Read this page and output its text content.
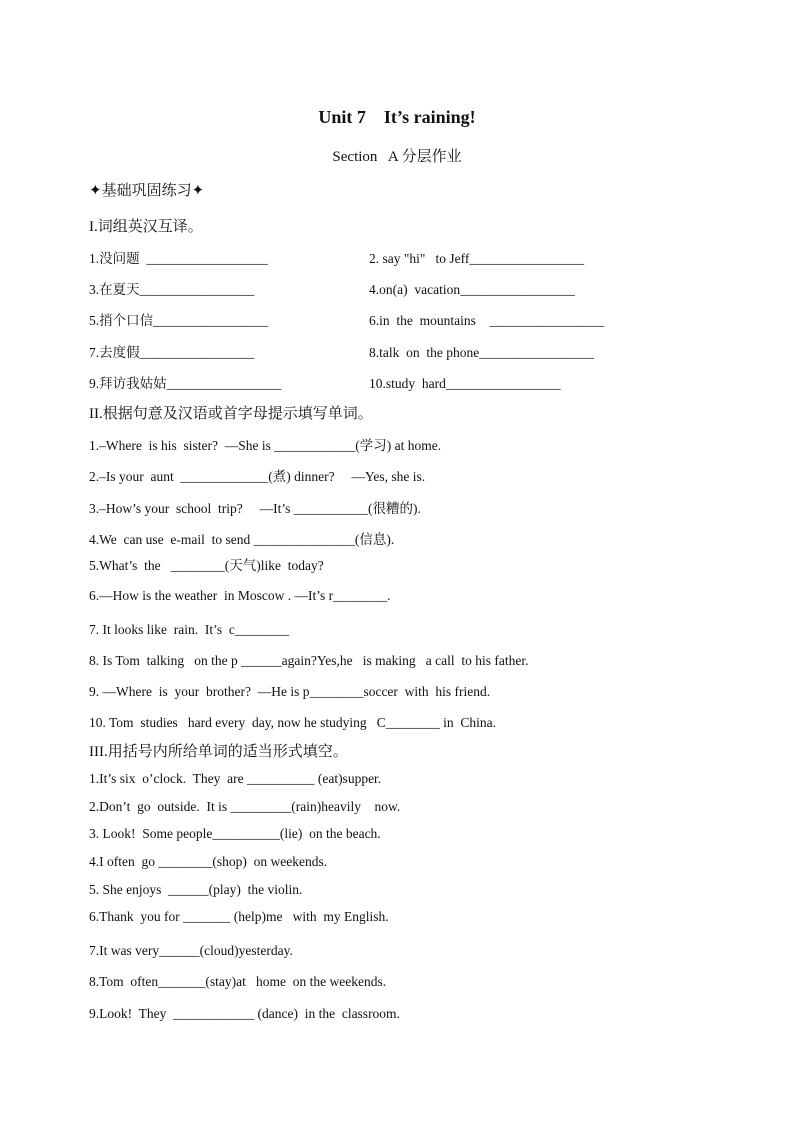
Unit 7    It’s raining!
Section   A 分层作业
✦基础巩固练习✦
I.词组英汉互译。
1.没问题  __________________	2. say "hi"   to Jeff_________________
3.在夏天_________________	4.on(a)  vacation_________________
5.捎个口信_________________	6.in  the  mountains    _________________
7.去度假_________________	8.talk  on  the phone_________________
9.拜访我姑姑_________________	10.study  hard_________________
II.根据句意及汉语或首字母提示填写单词。
1.–Where  is his  sister?  —She is ____________(学习) at home.
2.–Is your  aunt  _____________(煮) dinner?     —Yes, she is.
3.–How’s your  school  trip?     —It’s ___________(很糟的).
4.We  can use  e-mail  to send _______________(信息).
5.What’s  the   ________(天气)like  today?
6.—How is the weather  in Moscow . —It’s r________.
7. It looks like  rain.  It’s  c________
8. Is Tom  talking   on the p ______again?Yes,he   is making   a call  to his father.
9. —Where  is  your  brother?  —He is p________soccer  with  his friend.
10. Tom  studies   hard every  day, now he studying   C________ in  China.
III.用括号内所给单词的适当形式填空。
1.It’s six  o’clock.  They  are __________ (eat)supper.
2.Don’t  go  outside.  It is _________(rain)heavily    now.
3. Look!  Some people__________(lie)  on the beach.
4.I often  go ________(shop)  on weekends.
5. She enjoys  ______(play)  the violin.
6.Thank  you for _______ (help)me   with  my English.
7.It was very______(cloud)yesterday.
8.Tom  often_______(stay)at   home  on the weekends.
9.Look!  They  ____________ (dance)  in the  classroom.
